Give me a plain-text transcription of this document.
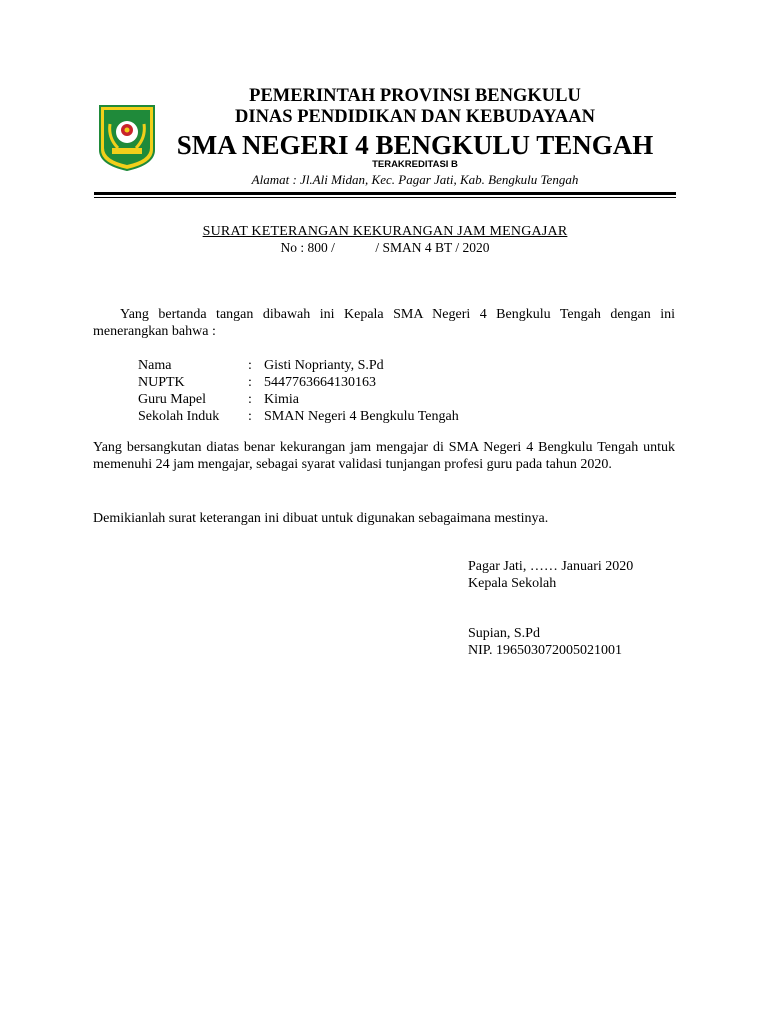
PEMERINTAH PROVINSI BENGKULU
DINAS PENDIDIKAN DAN KEBUDAYAAN
SMA NEGERI 4 BENGKULU TENGAH
TERAKREDITASI B
Alamat : Jl.Ali Midan, Kec. Pagar Jati, Kab. Bengkulu Tengah
SURAT KETERANGAN KEKURANGAN JAM MENGAJAR
No : 800 /            / SMAN 4 BT / 2020
Yang bertanda tangan dibawah ini Kepala SMA Negeri 4 Bengkulu Tengah dengan ini menerangkan bahwa :
Nama	: Gisti Noprianty, S.Pd
NUPTK	: 5447763664130163
Guru Mapel	: Kimia
Sekolah Induk	: SMAN Negeri 4 Bengkulu Tengah
Yang bersangkutan diatas benar kekurangan jam mengajar di SMA Negeri 4 Bengkulu Tengah untuk memenuhi 24 jam mengajar, sebagai syarat validasi tunjangan profesi guru pada tahun 2020.
Demikianlah surat keterangan ini dibuat untuk digunakan sebagaimana mestinya.
Pagar Jati, …… Januari 2020
Kepala Sekolah
Supian, S.Pd
NIP. 196503072005021001
